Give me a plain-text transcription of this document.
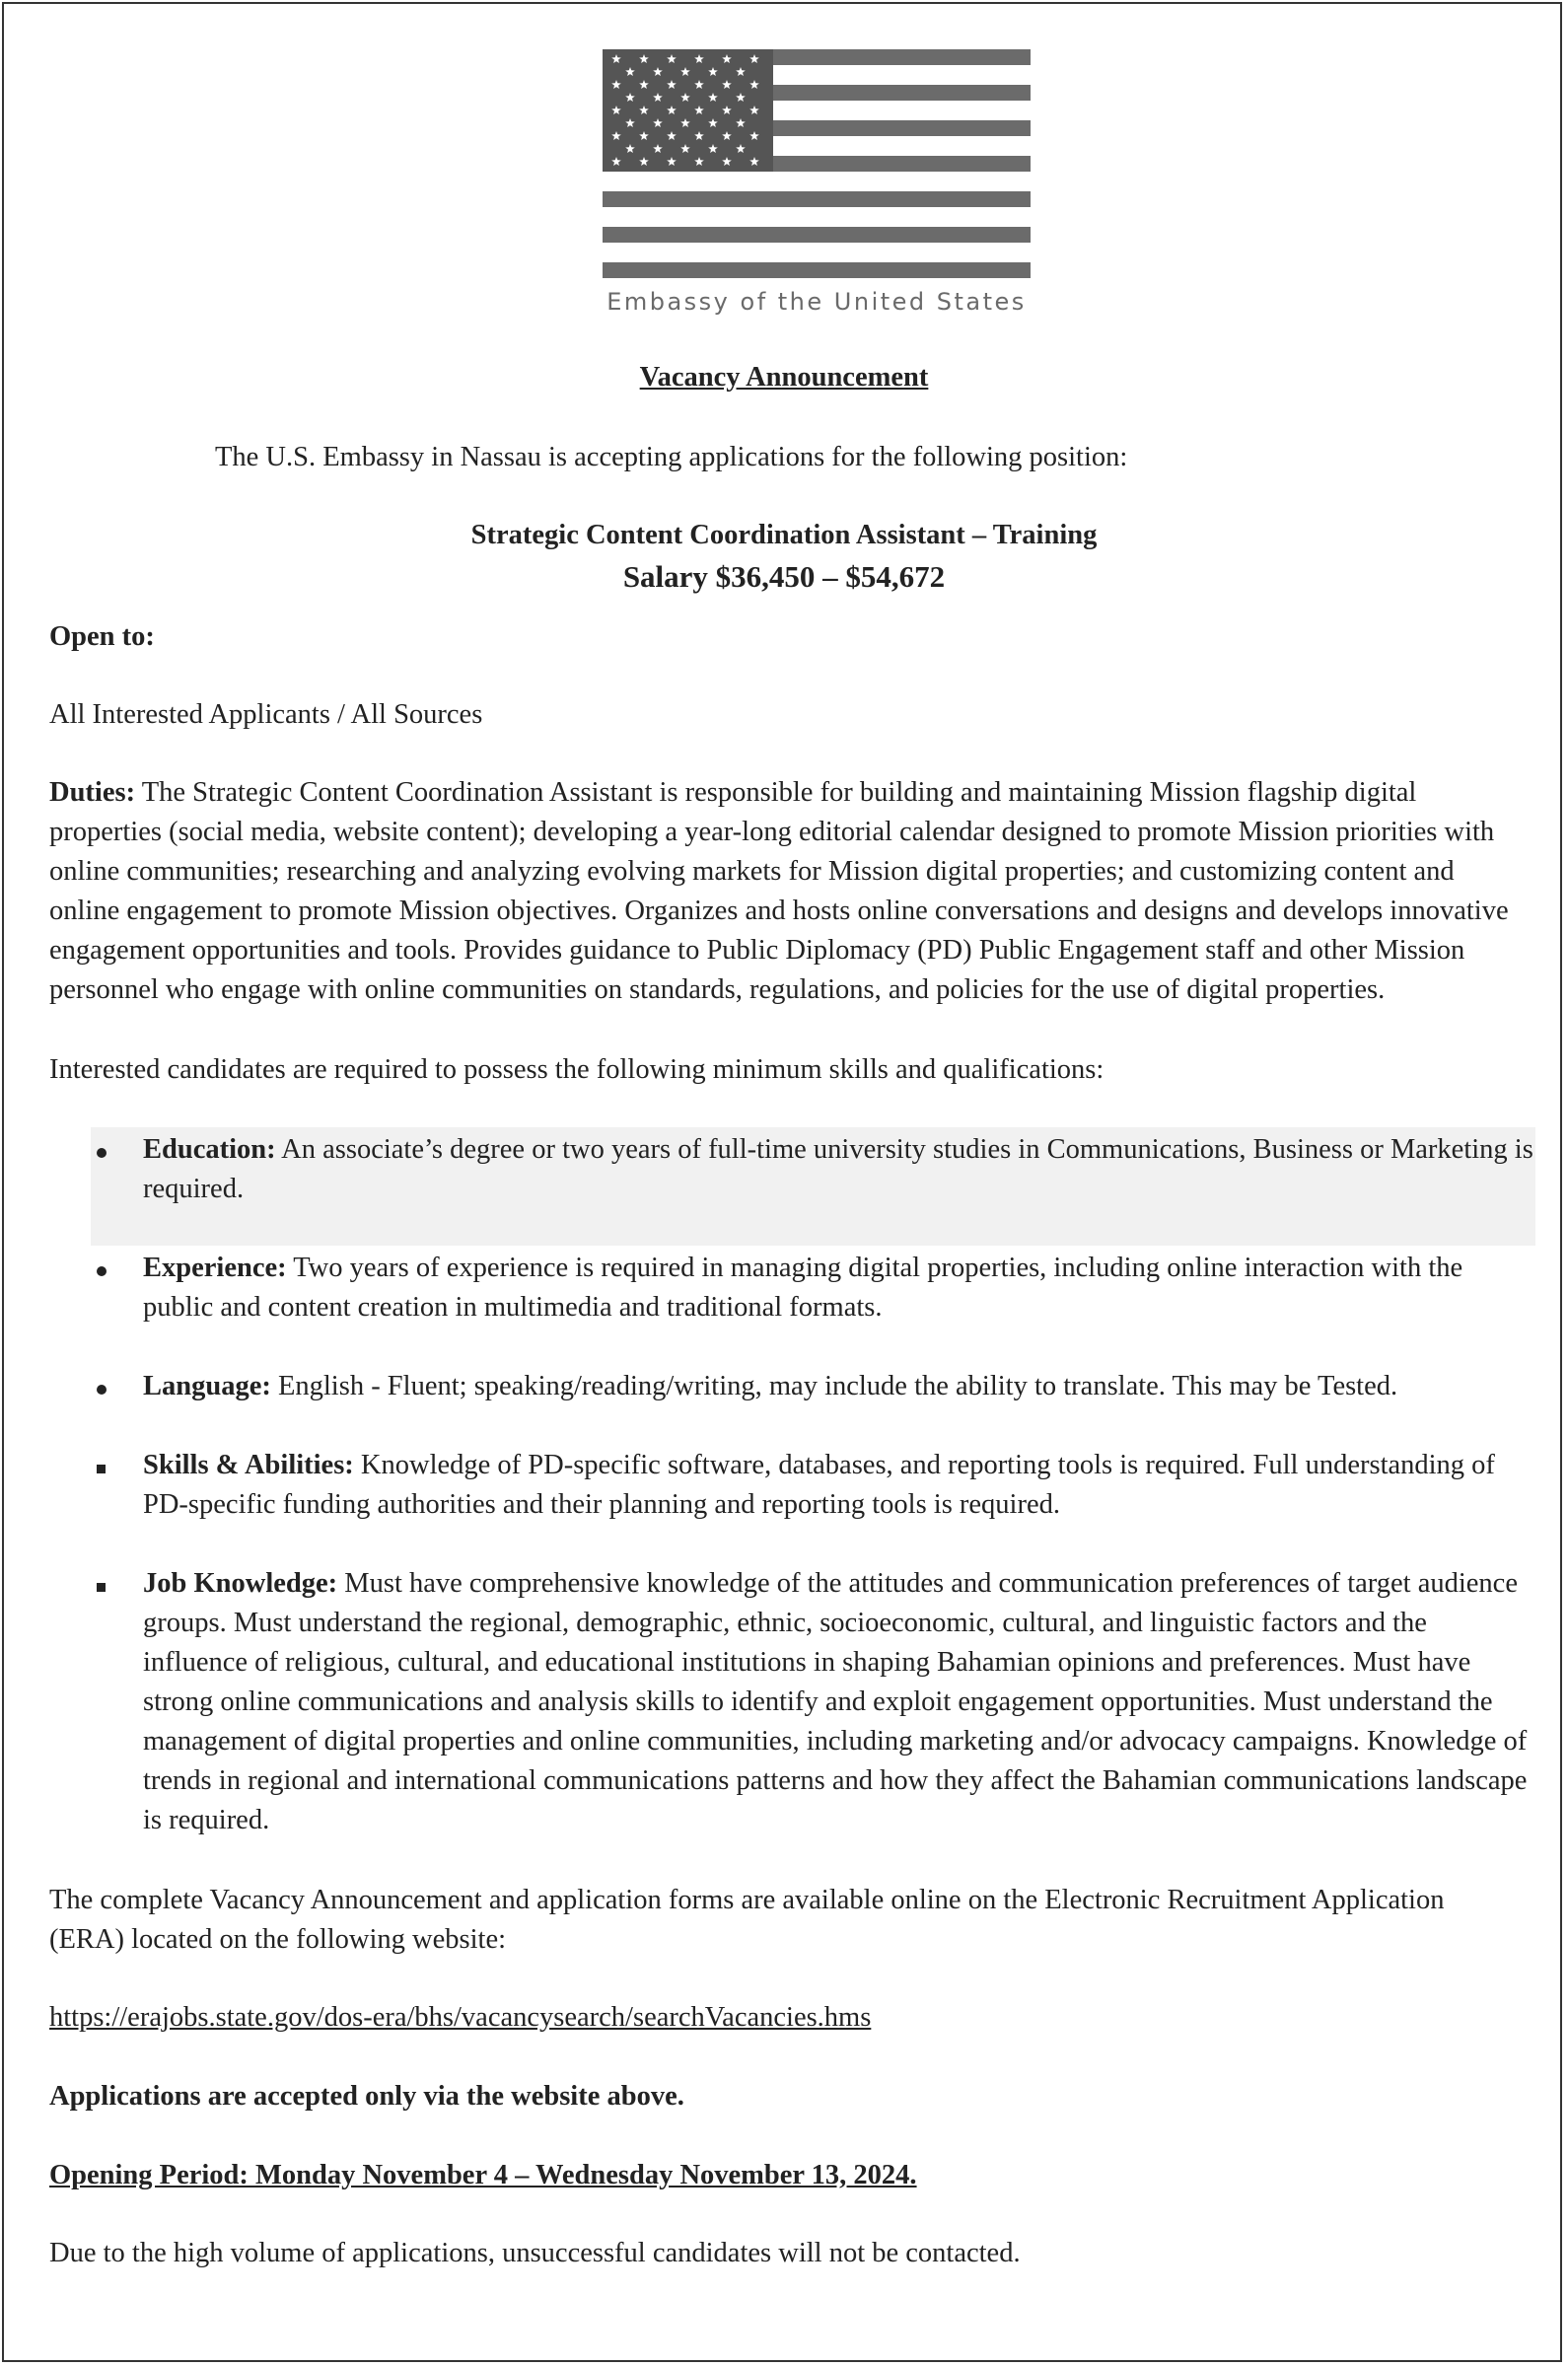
Embassy of the United States

Vacancy Announcement

The U.S. Embassy in Nassau is accepting applications for the following position:

Strategic Content Coordination Assistant – Training

Salary $36,450 – $54,672

Open to:

All Interested Applicants / All Sources

Duties: The Strategic Content Coordination Assistant is responsible for building and maintaining Mission flagship digital properties (social media, website content); developing a year-long editorial calendar designed to promote Mission priorities with online communities; researching and analyzing evolving markets for Mission digital properties; and customizing content and online engagement to promote Mission objectives. Organizes and hosts online conversations and designs and develops innovative engagement opportunities and tools. Provides guidance to Public Diplomacy (PD) Public Engagement staff and other Mission personnel who engage with online communities on standards, regulations, and policies for the use of digital properties.

Interested candidates are required to possess the following minimum skills and qualifications:

Education: An associate’s degree or two years of full-time university studies in Communications, Business or Marketing is required.
Experience: Two years of experience is required in managing digital properties, including online interaction with the public and content creation in multimedia and traditional formats.
Language: English - Fluent; speaking/reading/writing, may include the ability to translate. This may be Tested.
Skills & Abilities: Knowledge of PD-specific software, databases, and reporting tools is required. Full understanding of PD-specific funding authorities and their planning and reporting tools is required.
Job Knowledge: Must have comprehensive knowledge of the attitudes and communication preferences of target audience groups. Must understand the regional, demographic, ethnic, socioeconomic, cultural, and linguistic factors and the influence of religious, cultural, and educational institutions in shaping Bahamian opinions and preferences. Must have strong online communications and analysis skills to identify and exploit engagement opportunities. Must understand the management of digital properties and online communities, including marketing and/or advocacy campaigns. Knowledge of trends in regional and international communications patterns and how they affect the Bahamian communications landscape is required.

The complete Vacancy Announcement and application forms are available online on the Electronic Recruitment Application (ERA) located on the following website:

https://erajobs.state.gov/dos-era/bhs/vacancysearch/searchVacancies.hms

Applications are accepted only via the website above.

Opening Period: Monday November 4 – Wednesday November 13, 2024.

Due to the high volume of applications, unsuccessful candidates will not be contacted.
